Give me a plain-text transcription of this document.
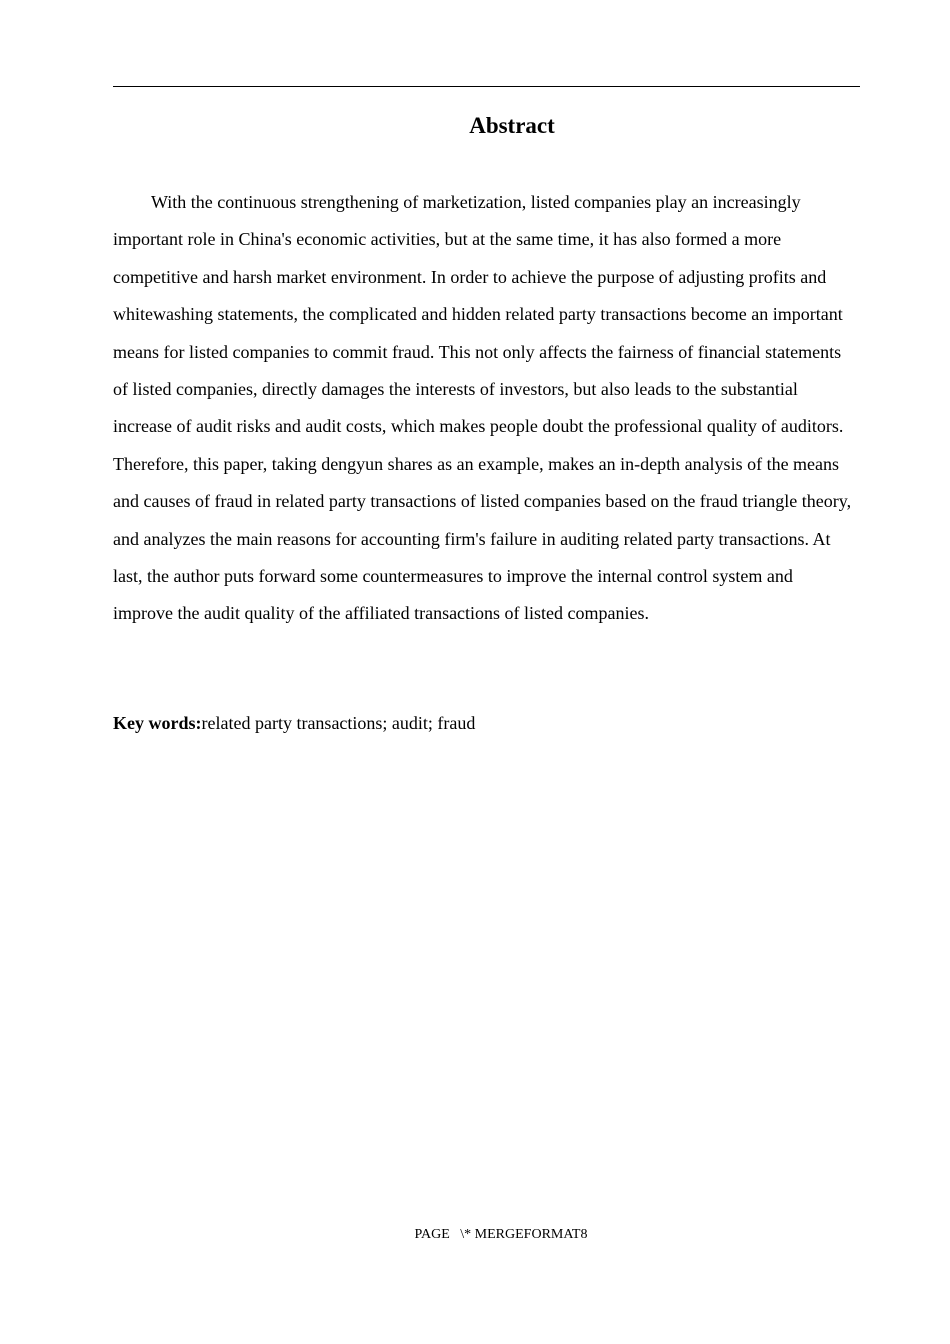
Abstract

With the continuous strengthening of marketization, listed companies play an increasingly important role in China's economic activities, but at the same time, it has also formed a more competitive and harsh market environment. In order to achieve the purpose of adjusting profits and whitewashing statements, the complicated and hidden related party transactions become an important means for listed companies to commit fraud. This not only affects the fairness of financial statements of listed companies, directly damages the interests of investors, but also leads to the substantial increase of audit risks and audit costs, which makes people doubt the professional quality of auditors. Therefore, this paper, taking dengyun shares as an example, makes an in-depth analysis of the means and causes of fraud in related party transactions of listed companies based on the fraud triangle theory, and analyzes the main reasons for accounting firm's failure in auditing related party transactions. At last, the author puts forward some countermeasures to improve the internal control system and improve the audit quality of the affiliated transactions of listed companies.

Key words:related party transactions; audit; fraud

PAGE   \* MERGEFORMAT8
